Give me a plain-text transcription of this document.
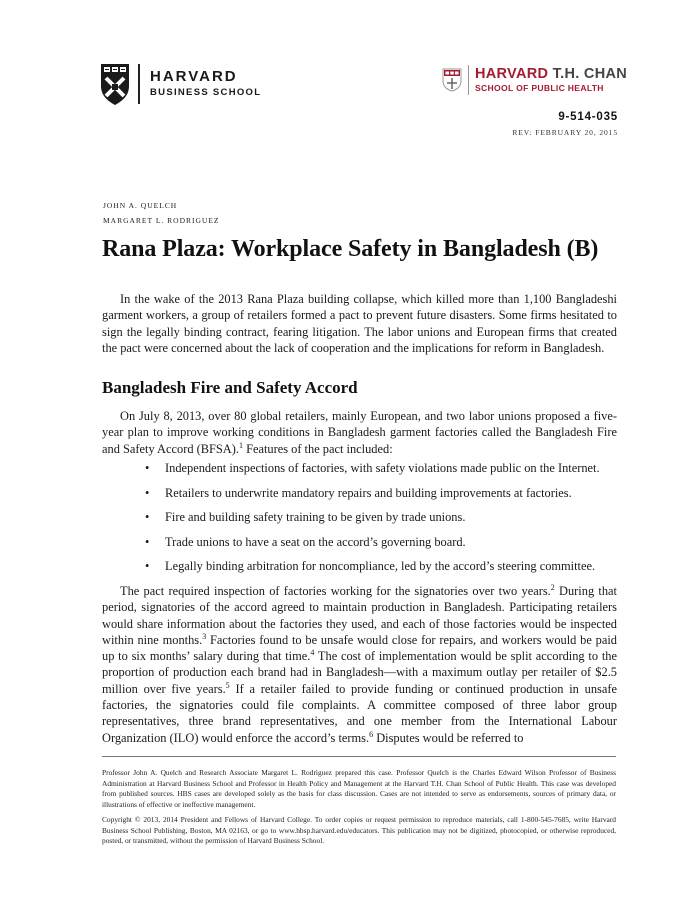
HARVARD
BUSINESS SCHOOL
HARVARD T.H. CHAN
SCHOOL OF PUBLIC HEALTH
9-514-035
REV: FEBRUARY 20, 2015
JOHN A. QUELCH
MARGARET L. RODRIGUEZ
Rana Plaza: Workplace Safety in Bangladesh (B)
In the wake of the 2013 Rana Plaza building collapse, which killed more than 1,100 Bangladeshi garment workers, a group of retailers formed a pact to prevent future disasters. Some firms hesitated to sign the legally binding contract, fearing litigation. The labor unions and European firms that created the pact were concerned about the lack of cooperation and the implications for reform in Bangladesh.
Bangladesh Fire and Safety Accord
On July 8, 2013, over 80 global retailers, mainly European, and two labor unions proposed a five-year plan to improve working conditions in Bangladesh garment factories called the Bangladesh Fire and Safety Accord (BFSA).$^1$ Features of the pact included:
• Independent inspections of factories, with safety violations made public on the Internet.
• Retailers to underwrite mandatory repairs and building improvements at factories.
• Fire and building safety training to be given by trade unions.
• Trade unions to have a seat on the accord’s governing board.
• Legally binding arbitration for noncompliance, led by the accord’s steering committee.
The pact required inspection of factories working for the signatories over two years.$^2$ During that period, signatories of the accord agreed to maintain production in Bangladesh. Participating retailers would share information about the factories they used, and each of those factories would be inspected within nine months.$^3$ Factories found to be unsafe would close for repairs, and workers would be paid up to six months’ salary during that time.$^4$ The cost of implementation would be split according to the proportion of production each brand had in Bangladesh—with a maximum outlay per retailer of $2.5 million over five years.$^5$ If a retailer failed to provide funding or continued production in unsafe factories, the signatories could file complaints. A committee composed of three labor group representatives, three brand representatives, and one member from the International Labour Organization (ILO) would enforce the accord’s terms.$^6$ Disputes would be referred to
Professor John A. Quelch and Research Associate Margaret L. Rodriguez prepared this case. Professor Quelch is the Charles Edward Wilson Professor of Business Administration at Harvard Business School and Professor in Health Policy and Management at the Harvard T.H. Chan School of Public Health. This case was developed from published sources. HBS cases are developed solely as the basis for class discussion. Cases are not intended to serve as endorsements, sources of primary data, or illustrations of effective or ineffective management.
Copyright © 2013, 2014 President and Fellows of Harvard College. To order copies or request permission to reproduce materials, call 1-800-545-7685, write Harvard Business School Publishing, Boston, MA 02163, or go to www.hbsp.harvard.edu/educators. This publication may not be digitized, photocopied, or otherwise reproduced, posted, or transmitted, without the permission of Harvard Business School.
